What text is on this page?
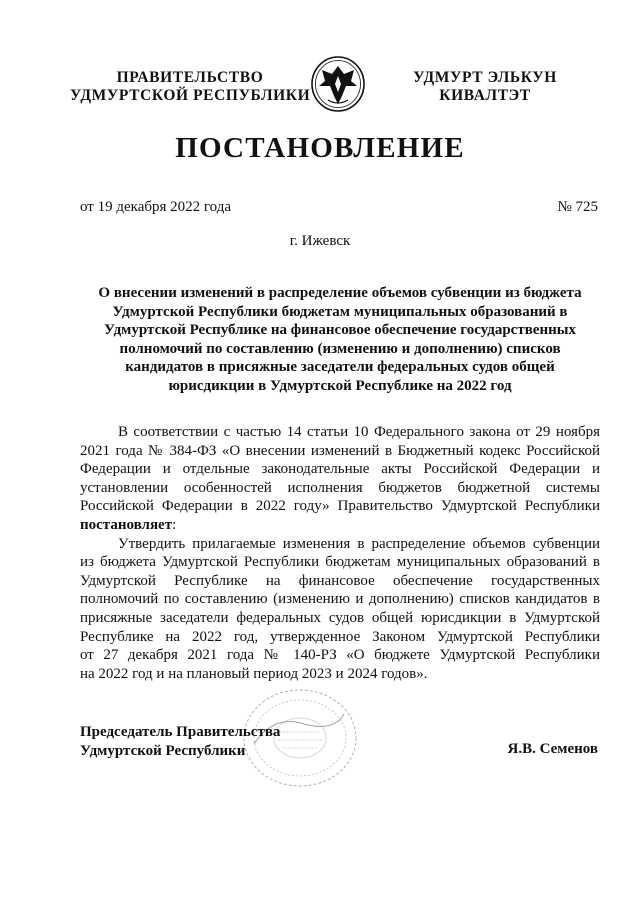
ПРАВИТЕЛЬСТВО
УДМУРТСКОЙ РЕСПУБЛИКИ
УДМУРТ ЭЛЬКУН
КИВАЛТЭТ
ПОСТАНОВЛЕНИЕ
от 19 декабря 2022 года	№ 725
г. Ижевск
О внесении изменений в распределение объемов субвенции из бюджета
Удмуртской Республики бюджетам муниципальных образований в
Удмуртской Республике на финансовое обеспечение государственных
полномочий по составлению (изменению и дополнению) списков
кандидатов в присяжные заседатели федеральных судов общей
юрисдикции в Удмуртской Республике на 2022 год
В соответствии с частью 14 статьи 10 Федерального закона от 29 ноября
2021 года № 384-ФЗ «О внесении изменений в Бюджетный кодекс Российской
Федерации и отдельные законодательные акты Российской Федерации и
установлении особенностей исполнения бюджетов бюджетной системы
Российской Федерации в 2022 году» Правительство Удмуртской Республики
постановляет:
Утвердить прилагаемые изменения в распределение объемов субвенции
из бюджета Удмуртской Республики бюджетам муниципальных образований в
Удмуртской Республике на финансовое обеспечение государственных
полномочий по составлению (изменению и дополнению) списков кандидатов в
присяжные заседатели федеральных судов общей юрисдикции в Удмуртской
Республике на 2022 год, утвержденное Законом Удмуртской Республики
от 27 декабря 2021 года № 140-РЗ «О бюджете Удмуртской Республики
на 2022 год и на плановый период 2023 и 2024 годов».
Председатель Правительства
Удмуртской Республики	Я.В. Семенов
